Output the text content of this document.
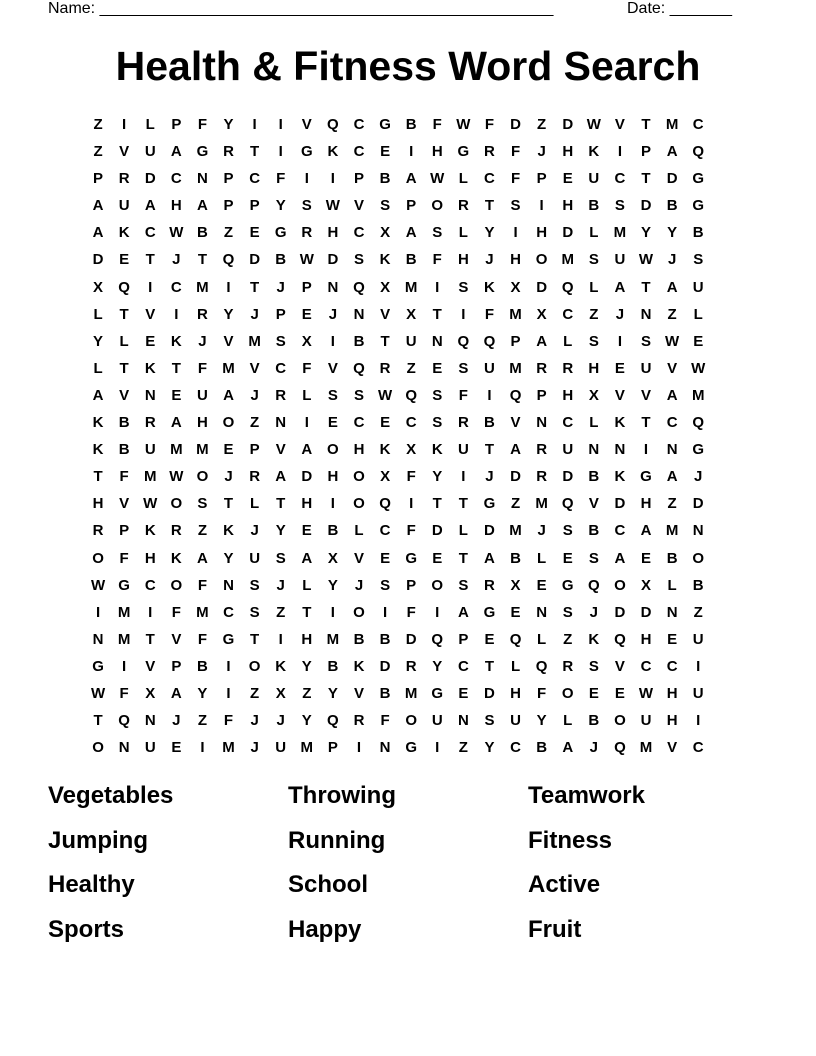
Name: ___________________________________________________	Date: _______
Health & Fitness Word Search
Z	I	L	P	F	Y	I	I	V	Q C G B	F W F	D	Z	D W V	T	M C
Z	V	U	A G R	T	I	G K	C	E	I	H G R	F	J	H	K	I	P	A Q
P	R	D	C	N	P	C	F	I	I	P	B	A W L	C	F	P	E	U	C	T	D G
A	U	A	H	A	P	P	Y	S W V	S	P	O R	T	S	I	H	B	S	D	B G
A	K	C W B	Z	E	G R	H	C	X	A	S	L	Y	I	H	D	L	M Y	Y	B
D	E	T	J	T	Q D	B W D	S	K	B	F	H	J	H O M S	U W J	S
X	Q	I	C M	I	T	J	P	N Q	X M	I	S	K	X	D Q	L	A	T	A	U
L	T	V	I	R	Y	J	P	E	J	N	V	X	T	I	F	M X	C	Z	J	N	Z	L
Y	L	E	K	J	V M S	X	I	B	T	U	N Q Q	P	A	L	S	I	S W E
L	T	K	T	F	M V	C	F	V	Q R	Z	E	S	U M R	R	H	E	U	V W
A	V	N	E	U	A	J	R	L	S	S W Q	S	F	I	Q	P	H	X	V	V	A M
K	B	R	A	H O	Z	N	I	E	C	E	C	S	R	B	V	N	C	L	K	T	C Q
K	B	U M M E	P	V	A O H	K	X	K	U	T	A	R	U	N	N	I	N G
T	F	M W O	J	R	A	D	H O	X	F	Y	I	J	D	R	D	B	K G A	J
H	V W O	S	T	L	T	H	I	O Q	I	T	T	G	Z	M Q	V	D	H	Z	D
R	P	K	R	Z	K	J	Y	E	B	L	C	F	D	L	D M	J	S	B	C	A M N
O	F	H	K	A	Y	U	S	A	X	V	E	G	E	T	A	B	L	E	S	A	E	B O
W G C O	F	N	S	J	L	Y	J	S	P	O	S	R	X	E	G Q O	X	L	B
I	M	I	F	M C	S	Z	T	I	O	I	F	I	A G	E	N	S	J	D	D	N	Z
N M	T	V	F	G	T	I	H M B	B	D Q	P	E	Q	L	Z	K Q H	E	U
G	I	V	P	B	I	O K	Y	B	K	D	R	Y	C	T	L	Q R	S	V	C	C	I
W F	X	A	Y	I	Z	X	Z	Y	V	B M G	E	D	H	F	O	E	E W H	U
T	Q N	J	Z	F	J	J	Y	Q R	F	O U	N	S	U	Y	L	B O U	H	I
O N	U	E	I	M	J	U M P	I	N G	I	Z	Y	C	B	A	J	Q M V	C
Vegetables	Throwing	Teamwork
Jumping	Running	Fitness
Healthy	School	Active
Sports	Happy	Fruit
